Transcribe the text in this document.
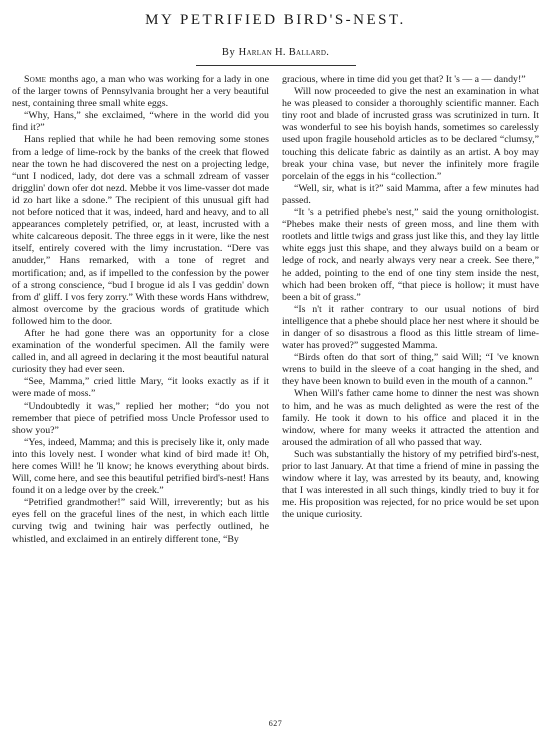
MY PETRIFIED BIRD'S-NEST.
By Harlan H. Ballard.

Some months ago, a man who was working for a lady in one of the larger towns of Pennsylvania brought her a very beautiful nest, containing three small white eggs.

“Why, Hans,” she exclaimed, “where in the world did you find it?”

Hans replied that while he had been removing some stones from a ledge of lime-rock by the banks of the creek that flowed near the town he had discovered the nest on a projecting ledge, “unt I nodiced, lady, dot dere vas a schmall zdream of vasser drigglin' down ofer dot nezd. Mebbe it vos lime-vasser dot made id zo hart like a sdone.” The recipient of this unusual gift had not before noticed that it was, indeed, hard and heavy, and to all appearances completely petrified, or, at least, incrusted with a white calcareous deposit. The three eggs in it were, like the nest itself, entirely covered with the limy incrustation. “Dere vas anudder,” Hans remarked, with a tone of regret and mortification; and, as if impelled to the confession by the power of a strong conscience, “bud I brogue id als I vas geddin' down from d' gliff. I vos fery zorry.” With these words Hans withdrew, almost overcome by the gracious words of gratitude which followed him to the door.

After he had gone there was an opportunity for a close examination of the wonderful specimen. All the family were called in, and all agreed in declaring it the most beautiful natural curiosity they had ever seen.

“See, Mamma,” cried little Mary, “it looks exactly as if it were made of moss.”

“Undoubtedly it was,” replied her mother; “do you not remember that piece of petrified moss Uncle Professor used to show you?”

“Yes, indeed, Mamma; and this is precisely like it, only made into this lovely nest. I wonder what kind of bird made it! Oh, here comes Will! he 'll know; he knows everything about birds. Will, come here, and see this beautiful petrified bird's-nest! Hans found it on a ledge over by the creek.”

“Petrified grandmother!” said Will, irreverently; but as his eyes fell on the graceful lines of the nest, in which each little curving twig and twining hair was perfectly outlined, he whistled, and exclaimed in an entirely different tone, “By

gracious, where in time did you get that? It 's — a — dandy!”

Will now proceeded to give the nest an examination in what he was pleased to consider a thoroughly scientific manner. Each tiny root and blade of incrusted grass was scrutinized in turn. It was wonderful to see his boyish hands, sometimes so carelessly used upon fragile household articles as to be declared “clumsy,” touching this delicate fabric as daintily as an artist. A boy may break your china vase, but never the infinitely more fragile porcelain of the eggs in his “collection.”

“Well, sir, what is it?” said Mamma, after a few minutes had passed.

“It 's a petrified phebe's nest,” said the young ornithologist. “Phebes make their nests of green moss, and line them with rootlets and little twigs and grass just like this, and they lay little white eggs just this shape, and they always build on a beam or ledge of rock, and nearly always very near a creek. See there,” he added, pointing to the end of one tiny stem inside the nest, which had been broken off, “that piece is hollow; it must have been a bit of grass.”

“Is n't it rather contrary to our usual notions of bird intelligence that a phebe should place her nest where it should be in danger of so disastrous a flood as this little stream of lime-water has proved?” suggested Mamma.

“Birds often do that sort of thing,” said Will; “I 've known wrens to build in the sleeve of a coat hanging in the shed, and they have been known to build even in the mouth of a cannon.”

When Will's father came home to dinner the nest was shown to him, and he was as much delighted as were the rest of the family. He took it down to his office and placed it in the window, where for many weeks it attracted the attention and aroused the admiration of all who passed that way.

Such was substantially the history of my petrified bird's-nest, prior to last January. At that time a friend of mine in passing the window where it lay, was arrested by its beauty, and, knowing that I was interested in all such things, kindly tried to buy it for me. His proposition was rejected, for no price would be set upon the unique curiosity.

627
